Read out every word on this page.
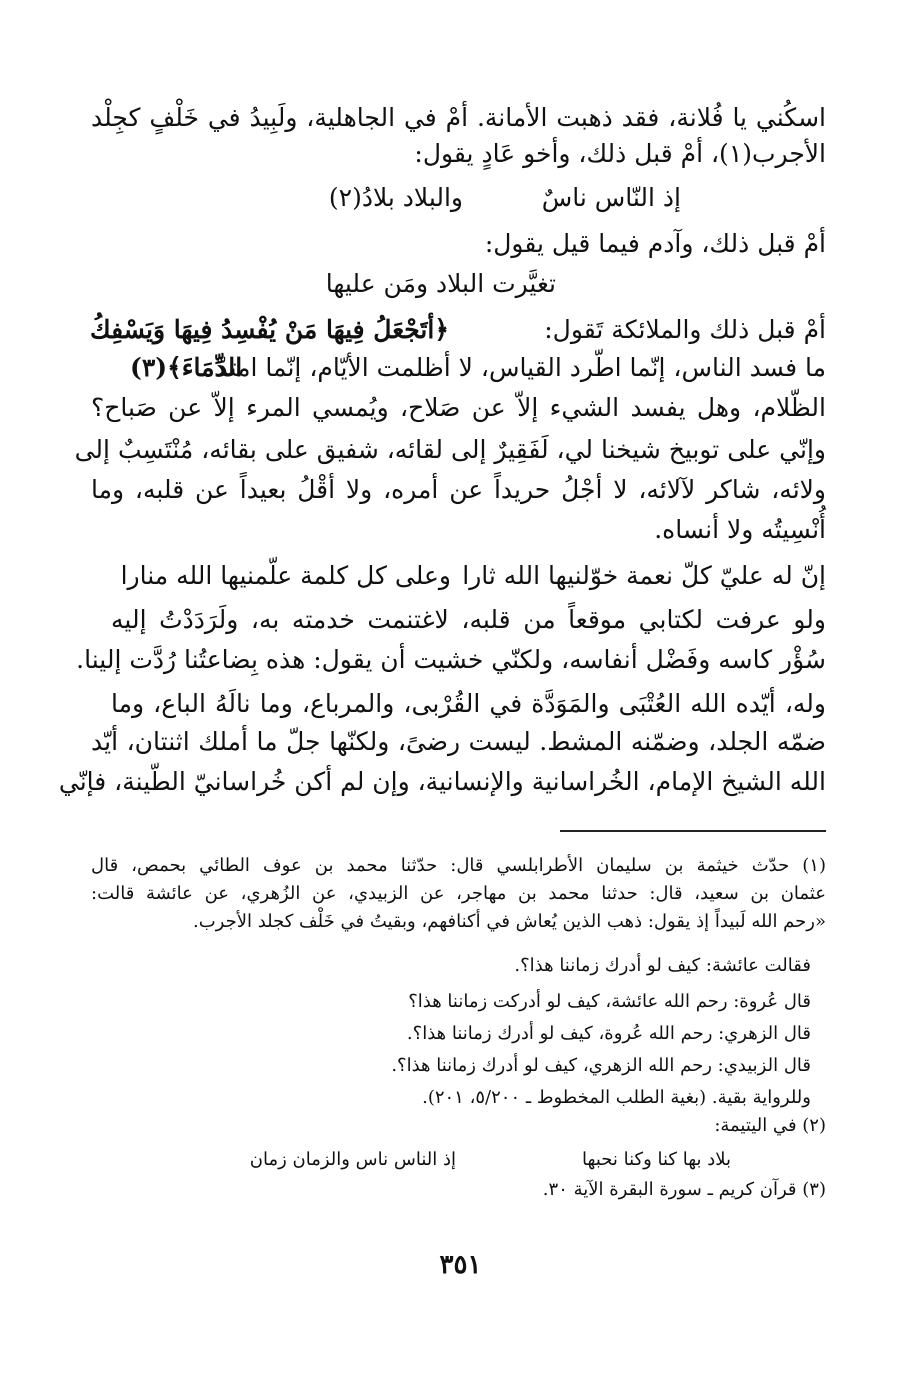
اسكُني يا فُلانة، فقد ذهبت الأمانة. أمْ في الجاهلية، ولَبِيدُ في خَلْفٍ كجِلْد
الأجرب(١)، أمْ قبل ذلك، وأخو عَادٍ يقول:
إذ النّاس ناسٌ
والبلاد بلادُ(٢)
أمْ قبل ذلك، وآدم فيما قيل يقول:
تغيَّرت البلاد ومَن عليها
أمْ قبل ذلك والملائكة تَقول:
﴿أتَجْعَلُ فِيهَا مَنْ يُفْسِدُ فِيهَا وَيَسْفِكُ
الدِّمَاءَ﴾(٣)
ما فسد الناس، إنّما اطّرد القياس، لا أظلمت الأيّام، إنّما امتدّ
الظّلام، وهل يفسد الشيء إلاّ عن صَلاح، ويُمسي المرء إلاّ عن صَباح؟
وإنّي على توبيخ شيخنا لي، لَفَقِيرٌ إلى لقائه، شفيق على بقائه، مُنْتَسِبٌ إلى
ولائه، شاكر لآلائه، لا أجْلُ حريداً عن أمره، ولا أقْلُ بعيداً عن قلبه، وما
أُنْسِيتُه ولا أنساه.
إنّ له عليّ كلّ نعمة خوّلنيها الله ثارا
وعلى كل كلمة علّمنيها الله منارا
ولو عرفت لكتابي موقعاً من قلبه، لاغتنمت خدمته به، ولَرَدَدْتُ إليه
سُؤْر كاسه وفَضْل أنفاسه، ولكنّي خشيت أن يقول: هذه بِضاعتُنا رُدَّت إلينا.
وله، أيّده الله العُتْبَى والمَوَدَّة في القُرْبى، والمرباع، وما نالَهُ الباع، وما
ضمّه الجلد، وضمّنه المشط. ليست رضىً، ولكنّها جلّ ما أملك اثنتان، أيّد
الله الشيخ الإمام، الخُراسانية والإنسانية، وإن لم أكن خُراسانيّ الطّينة، فإنّي
(١) حدّث خيثمة بن سليمان الأطرابلسي قال: حدّثنا محمد بن عوف الطائي بحمص، قال
عثمان بن سعيد، قال: حدثنا محمد بن مهاجر، عن الزبيدي، عن الزُهري، عن عائشة قالت:
«رحم الله لَبيداً إذ يقول: ذهب الذين يُعاش في أكنافهم، وبقيتُ في خَلْف كجلد الأجرب.
فقالت عائشة: كيف لو أدرك زماننا هذا؟.
قال عُروة: رحم الله عائشة، كيف لو أدركت زماننا هذا؟
قال الزهري: رحم الله عُروة، كيف لو أدرك زماننا هذا؟.
قال الزبيدي: رحم الله الزهري، كيف لو أدرك زماننا هذا؟.
وللرواية بقية. (بغية الطلب المخطوط ـ ٥/٢٠٠، ٢٠١).
(٢) في اليتيمة:
بلاد بها كنا وكنا نحبها
إذ الناس ناس والزمان زمان
(٣) قرآن كريم ـ سورة البقرة الآية ٣٠.
٣٥١
